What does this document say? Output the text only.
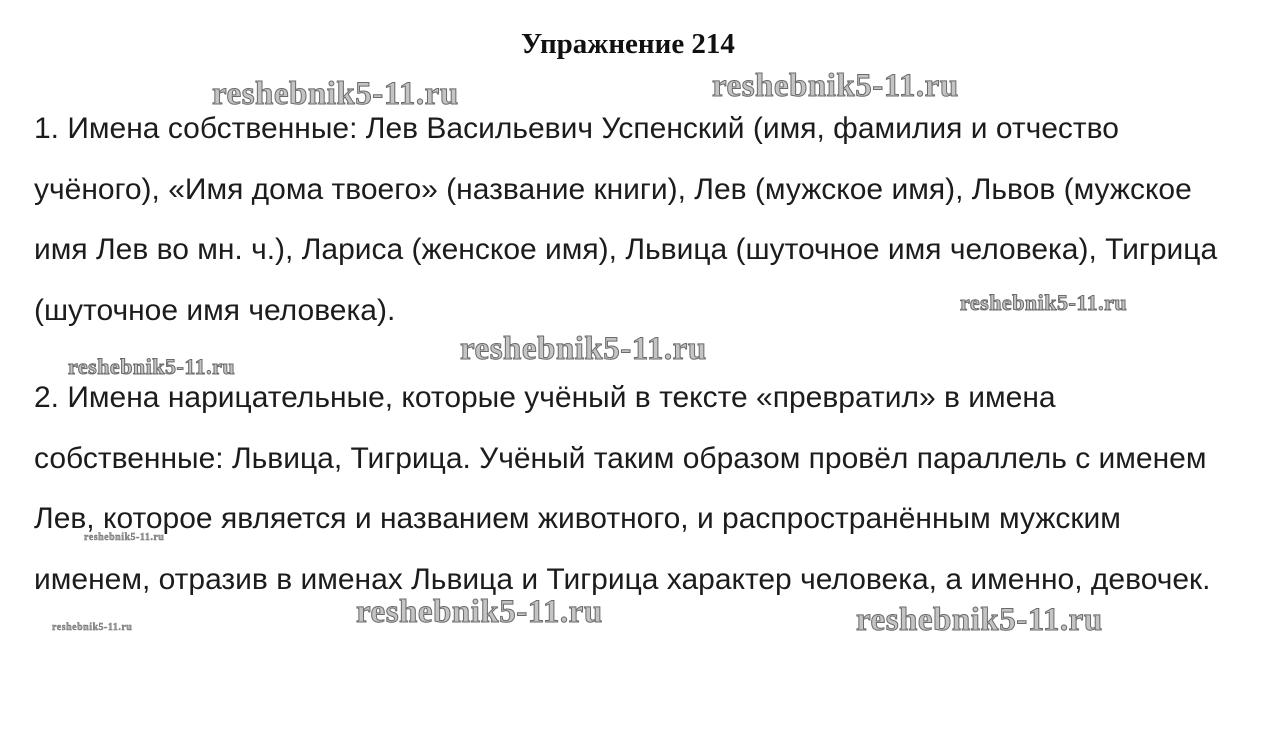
Упражнение 214

1. Имена собственные: Лев Васильевич Успенский (имя, фамилия и отчество учёного), «Имя дома твоего» (название книги), Лев (мужское имя), Львов (мужское имя Лев во мн. ч.), Лариса (женское имя), Львица (шуточное имя человека), Тигрица (шуточное имя человека).

2. Имена нарицательные, которые учёный в тексте «превратил» в имена собственные: Львица, Тигрица. Учёный таким образом провёл параллель с именем Лев, которое является и названием животного, и распространённым мужским именем, отразив в именах Львица и Тигрица характер человека, а именно, девочек.

reshebnik5-11.ru	reshebnik5-11.ru
reshebnik5-11.ru
reshebnik5-11.ru
reshebnik5-11.ru
reshebnik5-11.ru
reshebnik5-11.ru	reshebnik5-11.ru
reshebnik5-11.ru
